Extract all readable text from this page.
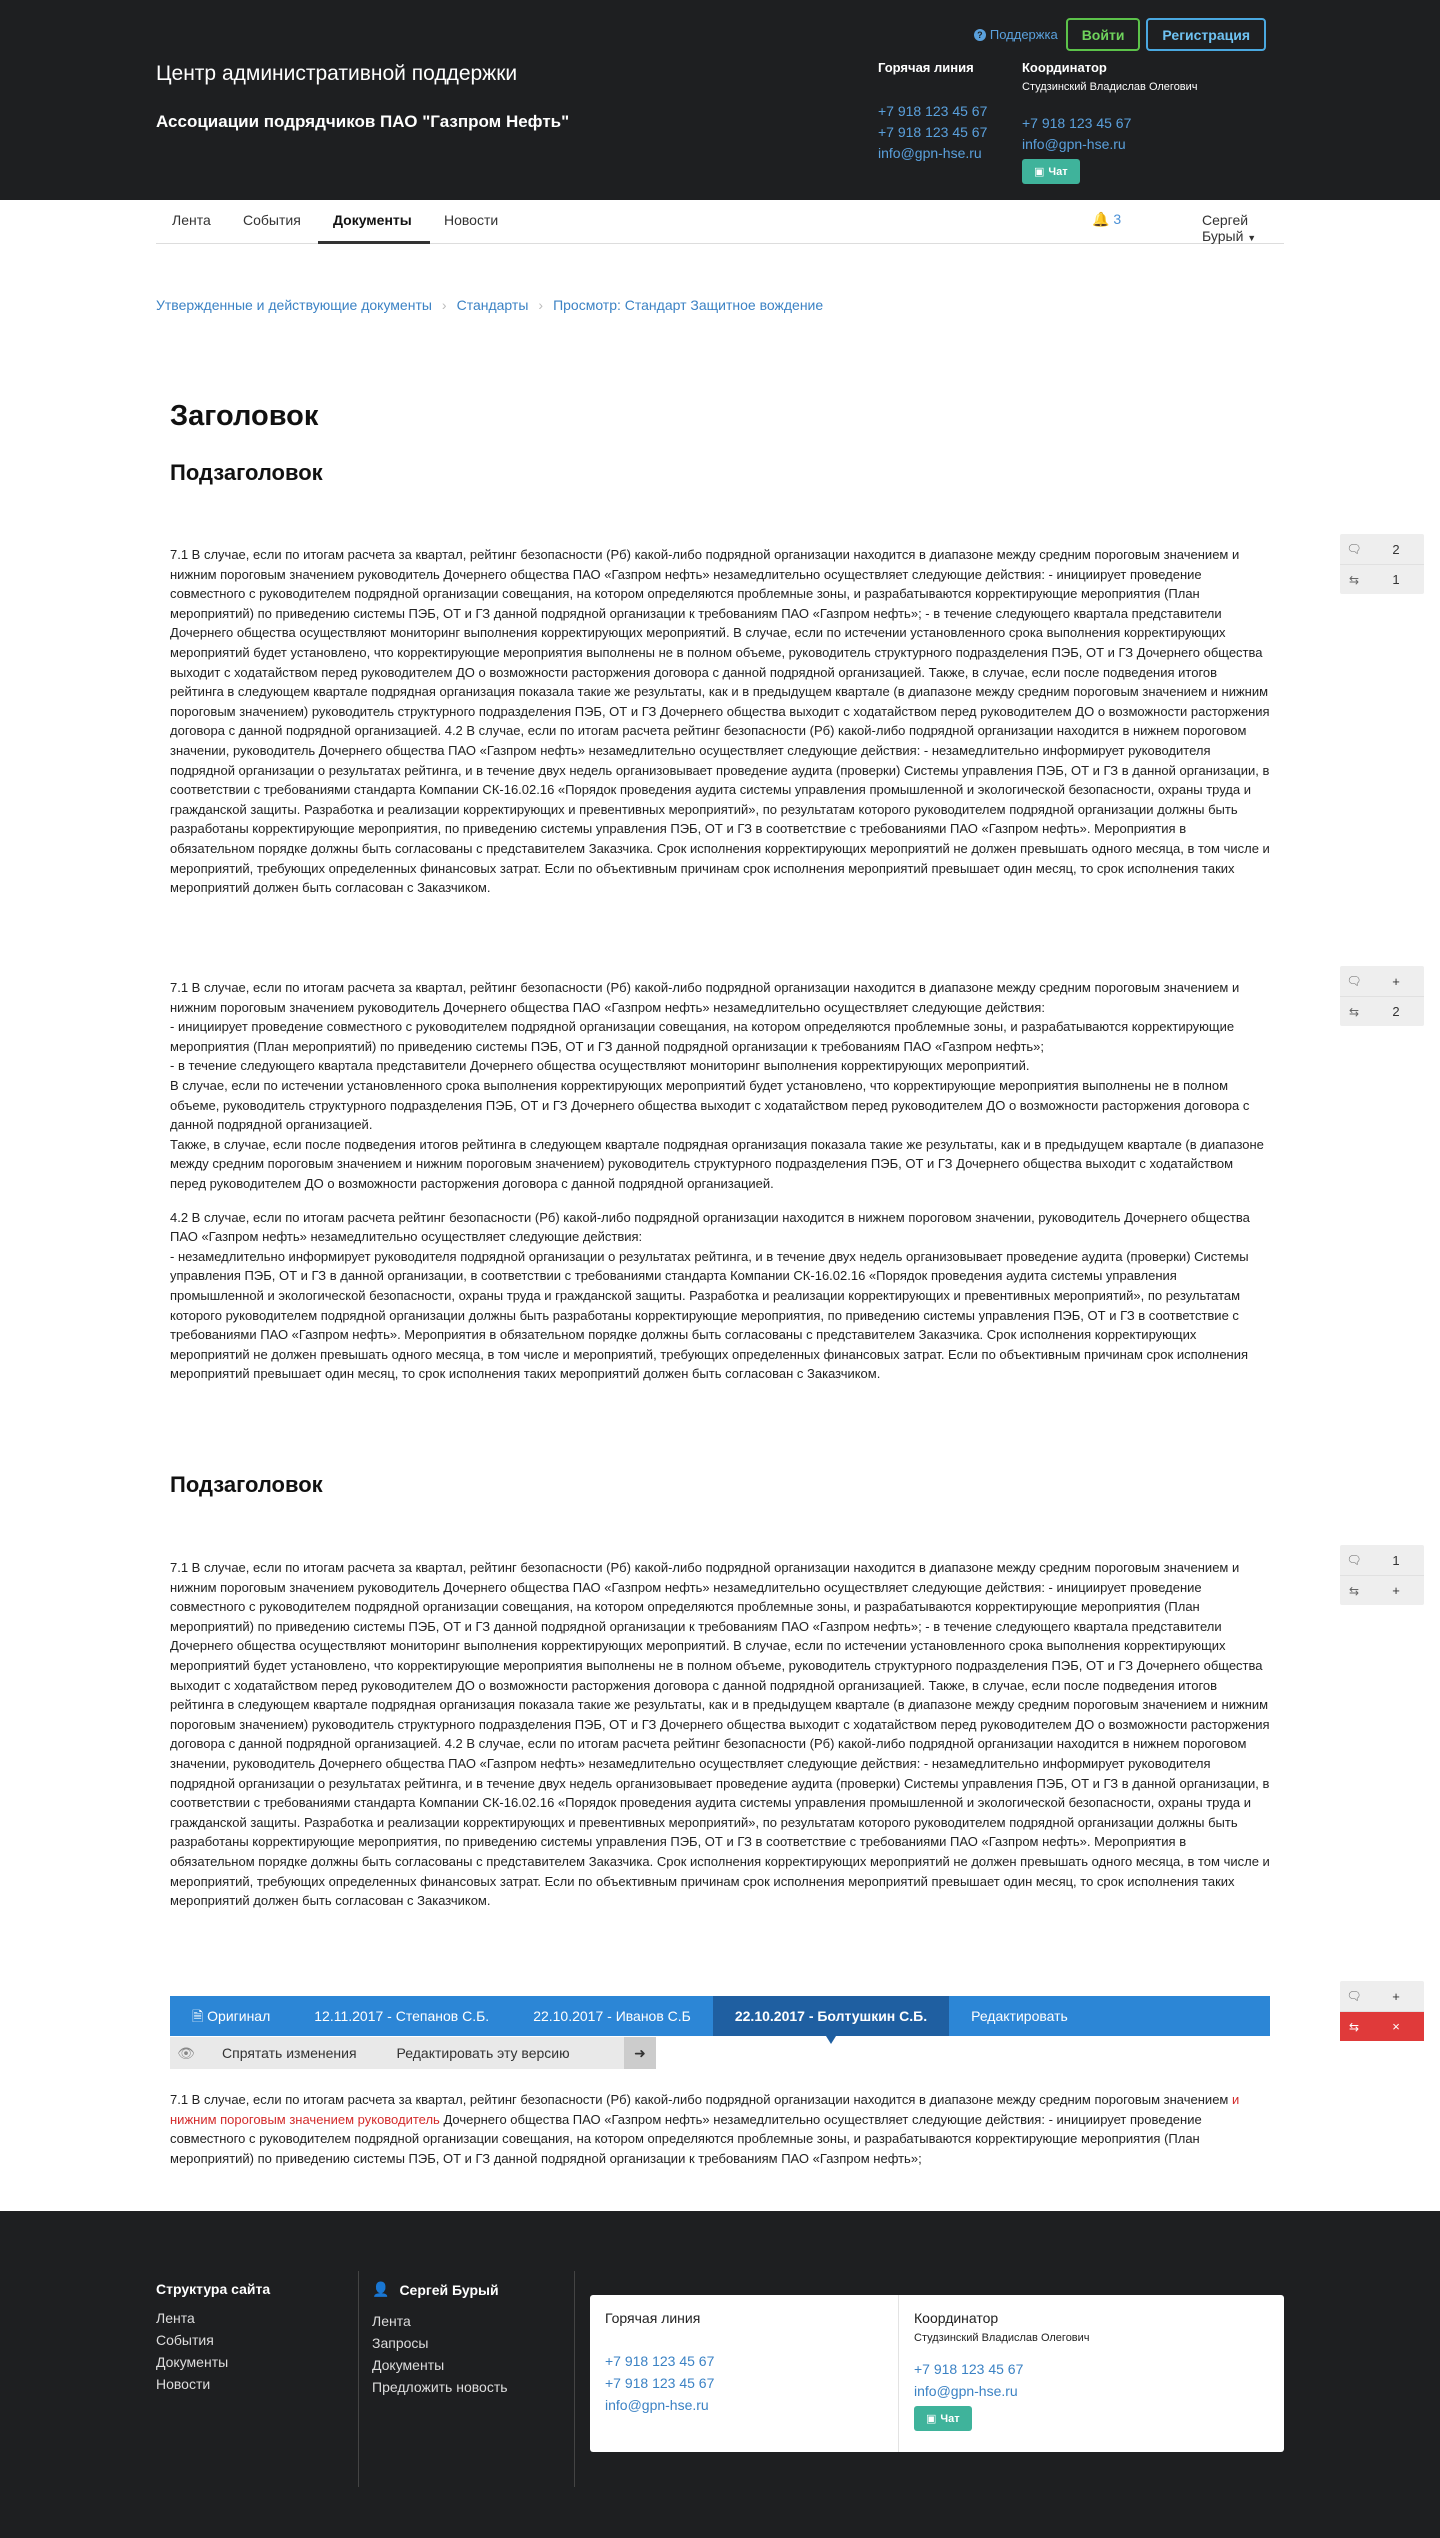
Центр административной поддержки
Ассоциации подрядчиков ПАО "Газпром Нефть"
? Поддержка	Войти	Регистрация
Горячая линия
+7 918 123 45 67
+7 918 123 45 67
info@gpn-hse.ru
Координатор
Студзинский Владислав Олегович
+7 918 123 45 67
info@gpn-hse.ru
▣ Чат
Лента События Документы Новости	🔔 3	Сергей Бурый ▼
Утвержденные и действующие документы › Стандарты › Просмотр: Стандарт Защитное вождение
Заголовок
Подзаголовок

7.1 В случае, если по итогам расчета за квартал, рейтинг безопасности (Рб) какой-либо подрядной организации находится в диапазоне между средним пороговым значением и нижним пороговым значением руководитель Дочернего общества ПАО «Газпром нефть» незамедлительно осуществляет следующие действия: - инициирует проведение совместного с руководителем подрядной организации совещания, на котором определяются проблемные зоны, и разрабатываются корректирующие мероприятия (План мероприятий) по приведению системы ПЭБ, ОТ и ГЗ данной подрядной организации к требованиям ПАО «Газпром нефть»; - в течение следующего квартала представители Дочернего общества осуществляют мониторинг выполнения корректирующих мероприятий. В случае, если по истечении установленного срока выполнения корректирующих мероприятий будет установлено, что корректирующие мероприятия выполнены не в полном объеме, руководитель структурного подразделения ПЭБ, ОТ и ГЗ Дочернего общества выходит с ходатайством перед руководителем ДО о возможности расторжения договора с данной подрядной организацией. Также, в случае, если после подведения итогов рейтинга в следующем квартале подрядная организация показала такие же результаты, как и в предыдущем квартале (в диапазоне между средним пороговым значением и нижним пороговым значением) руководитель структурного подразделения ПЭБ, ОТ и ГЗ Дочернего общества выходит с ходатайством перед руководителем ДО о возможности расторжения договора с данной подрядной организацией. 4.2 В случае, если по итогам расчета рейтинг безопасности (Рб) какой-либо подрядной организации находится в нижнем пороговом значении, руководитель Дочернего общества ПАО «Газпром нефть» незамедлительно осуществляет следующие действия: - незамедлительно информирует руководителя подрядной организации о результатах рейтинга, и в течение двух недель организовывает проведение аудита (проверки) Системы управления ПЭБ, ОТ и ГЗ в данной организации, в соответствии с требованиями стандарта Компании СК-16.02.16 «Порядок проведения аудита системы управления промышленной и экологической безопасности, охраны труда и гражданской защиты. Разработка и реализации корректирующих и превентивных мероприятий», по результатам которого руководителем подрядной организации должны быть разработаны корректирующие мероприятия, по приведению системы управления ПЭБ, ОТ и ГЗ в соответствие с требованиями ПАО «Газпром нефть». Мероприятия в обязательном порядке должны быть согласованы с представителем Заказчика. Срок исполнения корректирующих мероприятий не должен превышать одного месяца, в том числе и мероприятий, требующих определенных финансовых затрат. Если по объективным причинам срок исполнения мероприятий превышает один месяц, то срок исполнения таких мероприятий должен быть согласован с Заказчиком.

🗨	2
⇆	1

7.1 В случае, если по итогам расчета за квартал, рейтинг безопасности (Рб) какой-либо подрядной организации находится в диапазоне между средним пороговым значением и нижним пороговым значением руководитель Дочернего общества ПАО «Газпром нефть» незамедлительно осуществляет следующие действия:

- инициирует проведение совместного с руководителем подрядной организации совещания, на котором определяются проблемные зоны, и разрабатываются корректирующие мероприятия (План мероприятий) по приведению системы ПЭБ, ОТ и ГЗ данной подрядной организации к требованиям ПАО «Газпром нефть»;

- в течение следующего квартала представители Дочернего общества осуществляют мониторинг выполнения корректирующих мероприятий.

В случае, если по истечении установленного срока выполнения корректирующих мероприятий будет установлено, что корректирующие мероприятия выполнены не в полном объеме, руководитель структурного подразделения ПЭБ, ОТ и ГЗ Дочернего общества выходит с ходатайством перед руководителем ДО о возможности расторжения договора с данной подрядной организацией.

Также, в случае, если после подведения итогов рейтинга в следующем квартале подрядная организация показала такие же результаты, как и в предыдущем квартале (в диапазоне между средним пороговым значением и нижним пороговым значением) руководитель структурного подразделения ПЭБ, ОТ и ГЗ Дочернего общества выходит с ходатайством перед руководителем ДО о возможности расторжения договора с данной подрядной организацией.

4.2 В случае, если по итогам расчета рейтинг безопасности (Рб) какой-либо подрядной организации находится в нижнем пороговом значении, руководитель Дочернего общества ПАО «Газпром нефть» незамедлительно осуществляет следующие действия:

- незамедлительно информирует руководителя подрядной организации о результатах рейтинга, и в течение двух недель организовывает проведение аудита (проверки) Системы управления ПЭБ, ОТ и ГЗ в данной организации, в соответствии с требованиями стандарта Компании СК-16.02.16 «Порядок проведения аудита системы управления промышленной и экологической безопасности, охраны труда и гражданской защиты. Разработка и реализации корректирующих и превентивных мероприятий», по результатам которого руководителем подрядной организации должны быть разработаны корректирующие мероприятия, по приведению системы управления ПЭБ, ОТ и ГЗ в соответствие с требованиями ПАО «Газпром нефть». Мероприятия в обязательном порядке должны быть согласованы с представителем Заказчика. Срок исполнения корректирующих мероприятий не должен превышать одного месяца, в том числе и мероприятий, требующих определенных финансовых затрат. Если по объективным причинам срок исполнения мероприятий превышает один месяц, то срок исполнения таких мероприятий должен быть согласован с Заказчиком.

🗨	+
⇆	2
Подзаголовок

7.1 В случае, если по итогам расчета за квартал, рейтинг безопасности (Рб) какой-либо подрядной организации находится в диапазоне между средним пороговым значением и нижним пороговым значением руководитель Дочернего общества ПАО «Газпром нефть» незамедлительно осуществляет следующие действия: - инициирует проведение совместного с руководителем подрядной организации совещания, на котором определяются проблемные зоны, и разрабатываются корректирующие мероприятия (План мероприятий) по приведению системы ПЭБ, ОТ и ГЗ данной подрядной организации к требованиям ПАО «Газпром нефть»; - в течение следующего квартала представители Дочернего общества осуществляют мониторинг выполнения корректирующих мероприятий. В случае, если по истечении установленного срока выполнения корректирующих мероприятий будет установлено, что корректирующие мероприятия выполнены не в полном объеме, руководитель структурного подразделения ПЭБ, ОТ и ГЗ Дочернего общества выходит с ходатайством перед руководителем ДО о возможности расторжения договора с данной подрядной организацией. Также, в случае, если после подведения итогов рейтинга в следующем квартале подрядная организация показала такие же результаты, как и в предыдущем квартале (в диапазоне между средним пороговым значением и нижним пороговым значением) руководитель структурного подразделения ПЭБ, ОТ и ГЗ Дочернего общества выходит с ходатайством перед руководителем ДО о возможности расторжения договора с данной подрядной организацией. 4.2 В случае, если по итогам расчета рейтинг безопасности (Рб) какой-либо подрядной организации находится в нижнем пороговом значении, руководитель Дочернего общества ПАО «Газпром нефть» незамедлительно осуществляет следующие действия: - незамедлительно информирует руководителя подрядной организации о результатах рейтинга, и в течение двух недель организовывает проведение аудита (проверки) Системы управления ПЭБ, ОТ и ГЗ в данной организации, в соответствии с требованиями стандарта Компании СК-16.02.16 «Порядок проведения аудита системы управления промышленной и экологической безопасности, охраны труда и гражданской защиты. Разработка и реализации корректирующих и превентивных мероприятий», по результатам которого руководителем подрядной организации должны быть разработаны корректирующие мероприятия, по приведению системы управления ПЭБ, ОТ и ГЗ в соответствие с требованиями ПАО «Газпром нефть». Мероприятия в обязательном порядке должны быть согласованы с представителем Заказчика. Срок исполнения корректирующих мероприятий не должен превышать одного месяца, в том числе и мероприятий, требующих определенных финансовых затрат. Если по объективным причинам срок исполнения мероприятий превышает один месяц, то срок исполнения таких мероприятий должен быть согласован с Заказчиком.

🗨	1
⇆	+
🗎 Оригинал	12.11.2017 - Степанов С.Б.	22.10.2017 - Иванов С.Б	22.10.2017 - Болтушкин С.Б.	Редактировать
👁	Спрятать изменения	Редактировать эту версию	➜
🗨	+
⇆	×

7.1 В случае, если по итогам расчета за квартал, рейтинг безопасности (Рб) какой-либо подрядной организации находится в диапазоне между средним пороговым значением и нижним пороговым значением руководитель Дочернего общества ПАО «Газпром нефть» незамедлительно осуществляет следующие действия: - инициирует проведение совместного с руководителем подрядной организации совещания, на котором определяются проблемные зоны, и разрабатываются корректирующие мероприятия (План мероприятий) по приведению системы ПЭБ, ОТ и ГЗ данной подрядной организации к требованиям ПАО «Газпром нефть»;

Структура сайта
Лента
События
Документы
Новости
👤 Сергей Бурый
Лента
Запросы
Документы
Предложить новость
Горячая линия
+7 918 123 45 67
+7 918 123 45 67
info@gpn-hse.ru
Координатор
Студзинский Владислав Олегович
+7 918 123 45 67
info@gpn-hse.ru
▣ Чат
